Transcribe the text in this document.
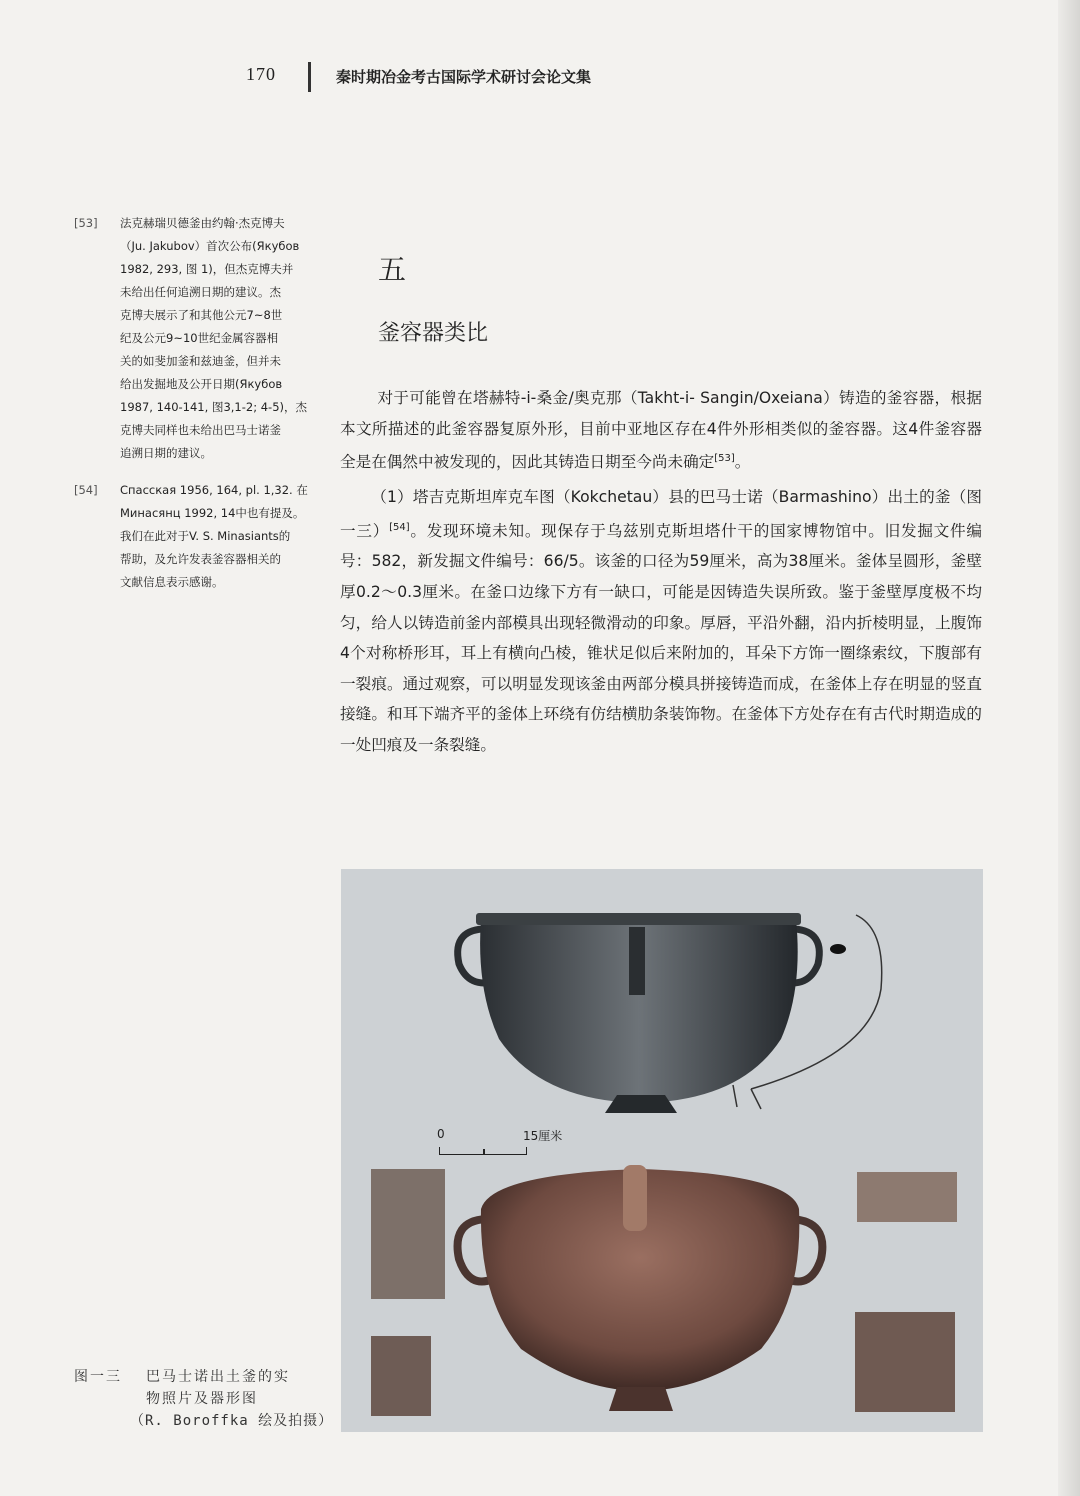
170	秦时期冶金考古国际学术研讨会论文集
[53] 法克赫瑞贝德釜由约翰·杰克博夫
（Ju. Jakubov）首次公布(Якубов
1982, 293, 图 1)，但杰克博夫并
未给出任何追溯日期的建议。杰
克博夫展示了和其他公元7~8世
纪及公元9~10世纪金属容器相
关的如斐加釜和兹迪釜，但并未
给出发掘地及公开日期(Якубов
1987, 140-141, 图3,1-2; 4-5)，杰
克博夫同样也未给出巴马士诺釜
追溯日期的建议。
[54] Спасская 1956, 164, pl. 1,32. 在
Минасянц 1992, 14中也有提及。
我们在此对于V. S. Minasiants的
帮助，及允许发表釜容器相关的
文献信息表示感谢。
五
釜容器类比

对于可能曾在塔赫特-i-桑金/奥克那（Takht-i- Sangin/Oxeiana）铸造的釜容器，根据本文所描述的此釜容器复原外形，目前中亚地区存在4件外形相类似的釜容器。这4件釜容器全是在偶然中被发现的，因此其铸造日期至今尚未确定[53]。

（1）塔吉克斯坦库克车图（Kokchetau）县的巴马士诺（Barmashino）出土的釜（图一三）[54]。发现环境未知。现保存于乌兹别克斯坦塔什干的国家博物馆中。旧发掘文件编号：582，新发掘文件编号：66/5。该釜的口径为59厘米，高为38厘米。釜体呈圆形，釜壁厚0.2～0.3厘米。在釜口边缘下方有一缺口，可能是因铸造失误所致。鉴于釜壁厚度极不均匀，给人以铸造前釜内部模具出现轻微滑动的印象。厚唇，平沿外翻，沿内折棱明显，上腹饰4个对称桥形耳，耳上有横向凸棱，锥状足似后来附加的，耳朵下方饰一圈绦索纹，下腹部有一裂痕。通过观察，可以明显发现该釜由两部分模具拼接铸造而成，在釜体上存在明显的竖直接缝。和耳下端齐平的釜体上环绕有仿结横肋条装饰物。在釜体下方处存在有古代时期造成的一处凹痕及一条裂缝。

0	15厘米
图一三 巴马士诺出土釜的实
物照片及器形图
（R. Boroffka 绘及拍摄）
